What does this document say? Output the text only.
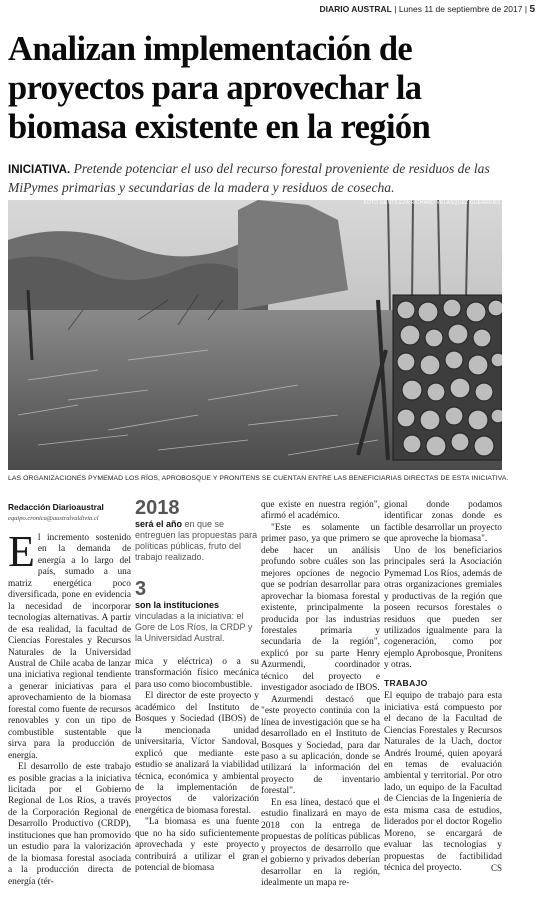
DIARIO AUSTRAL | Lunes 11 de septiembre de 2017 | 5
Analizan implementación de proyectos para aprovechar la biomasa existente en la región
INICIATIVA. Pretende potenciar el uso del recurso forestal proveniente de residuos de las MiPymes primarias y secundarias de la madera y residuos de cosecha.
FOTO GENTILEZA RICHARD VELÁSQUEZ GUERRERO.
LAS ORGANIZACIONES PYMEMAD LOS RÍOS, APROBOSQUE Y PRONITENS SE CUENTAN ENTRE LAS BENEFICIARIAS DIRECTAS DE ESTA INICIATIVA.
Redacción Diarioaustral
equipo.cronica@australvaldivia.cl

El incremento sostenido en la demanda de energía a lo largo del país, sumado a una matriz energética poco diversificada, pone en evidencia la necesidad de incorporar tecnologías alternativas. A partir de esa realidad, la facultad de Ciencias Forestales y Recursos Naturales de la Universidad Austral de Chile acaba de lanzar una iniciativa regional tendiente a generar iniciativas para el aprovechamiento de la biomasa forestal como fuente de recursos renovables y con un tipo de combustible sustentable que sirva para la producción de energía.

El desarrollo de este trabajo es posible gracias a la iniciativa licitada por el Gobierno Regional de Los Ríos, a través de la Corporación Regional de Desarrollo Productivo (CRDP), instituciones que han promovido un estudio para la valorización de la biomasa forestal asociada a la producción directa de energía (tér-

2018
será el año en que se entreguen las propuestas para políticas públicas, fruto del trabajo realizado.
3
son la instituciones vinculadas a la iniciativa: el Gore de Los Ríos, la CRDP y la Universidad Austral.

mica y eléctrica) o a su transformación físico mecánica para uso como biocombustible.

El director de este proyecto y académico del Instituto de Bosques y Sociedad (IBOS) de la mencionada unidad universitaria, Víctor Sandoval, explicó que mediante este estudio se analizará la viabilidad técnica, económica y ambiental de la implementación de proyectos de valorización energética de biomasa forestal.

"La biomasa es una fuente que no ha sido suficientemente aprovechada y este proyecto contribuirá a utilizar el gran potencial de biomasa

que existe en nuestra región", afirmó el académico.

"Este es solamente un primer paso, ya que primero se debe hacer un análisis profundo sobre cuáles son las mejores opciones de negocio que se podrían desarrollar para aprovechar la biomasa forestal existente, principalmente la producida por las industrias forestales primaria y secundaria de la región", explicó por su parte Henry Azurmendi, coordinador técnico del proyecto e investigador asociado de IBOS.

Azurmendi destacó que "este proyecto continúa con la línea de investigación que se ha desarrollado en el Instituto de Bosques y Sociedad, para dar paso a su aplicación, donde se utilizará la información del proyecto de inventario forestal".

En esa línea, destacó que el estudio finalizará en mayo de 2018 con la entrega de propuestas de políticas públicas y proyectos de desarrollo que el gobierno y privados deberían desarrollar en la región, idealmente un mapa re-

gional donde podamos identificar zonas donde es factible desarrollar un proyecto que aproveche la biomasa".

Uno de los beneficiarios principales será la Asociación Pymemad Los Ríos, además de otras organizaciones gremiales y productivas de la región que poseen recursos forestales o residuos que pueden ser utilizados igualmente para la cogeneración, como por ejemplo Aprobosque, Pronitens y otras.

TRABAJO

El equipo de trabajo para esta iniciativa está compuesto por el decano de la Facultad de Ciencias Forestales y Recursos Naturales de la Uach, doctor Andrés Iroumé, quien apoyará en temas de evaluación ambiental y territorial. Por otro lado, un equipo de la Facultad de Ciencias de la Ingeniería de esta misma casa de estudios, liderados por el doctor Rogelio Moreno, se encargará de evaluar las tecnologías y propuestas de factibilidad técnica del proyecto.	CS
